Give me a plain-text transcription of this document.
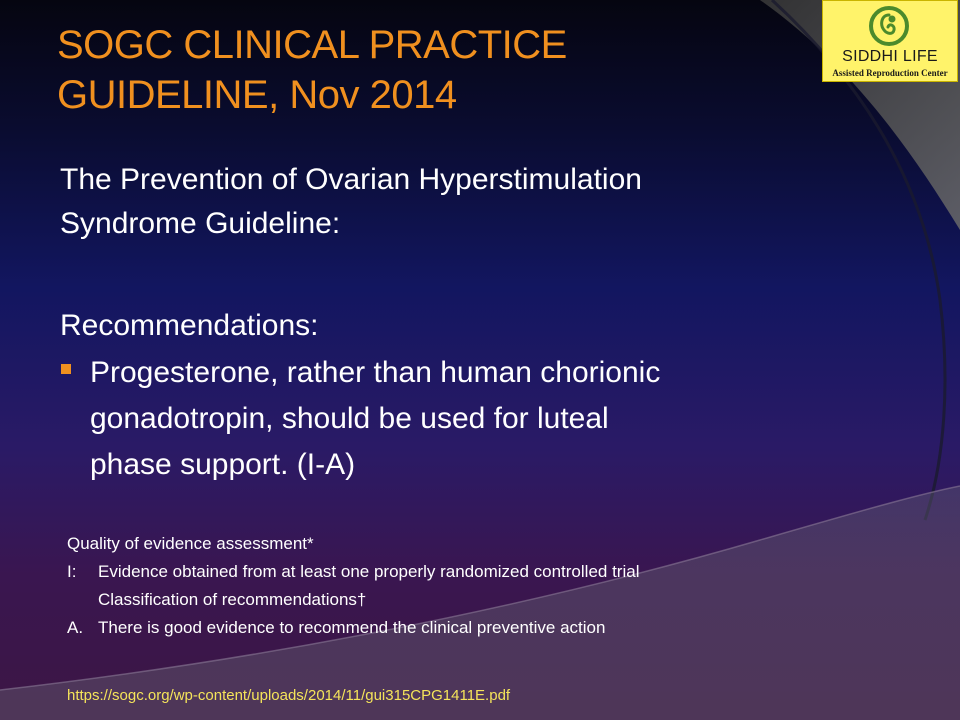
SOGC CLINICAL PRACTICE
GUIDELINE, Nov 2014
SIDDHI LIFE
Assisted Reproduction Center
The Prevention of Ovarian Hyperstimulation
Syndrome Guideline:
Recommendations:
Progesterone, rather than human chorionic
gonadotropin, should be used for luteal
phase support. (I-A)
Quality of evidence assessment*
I: Evidence obtained from at least one properly randomized controlled trial
Classification of recommendations†
A. There is good evidence to recommend the clinical preventive action
https://sogc.org/wp-content/uploads/2014/11/gui315CPG1411E.pdf
